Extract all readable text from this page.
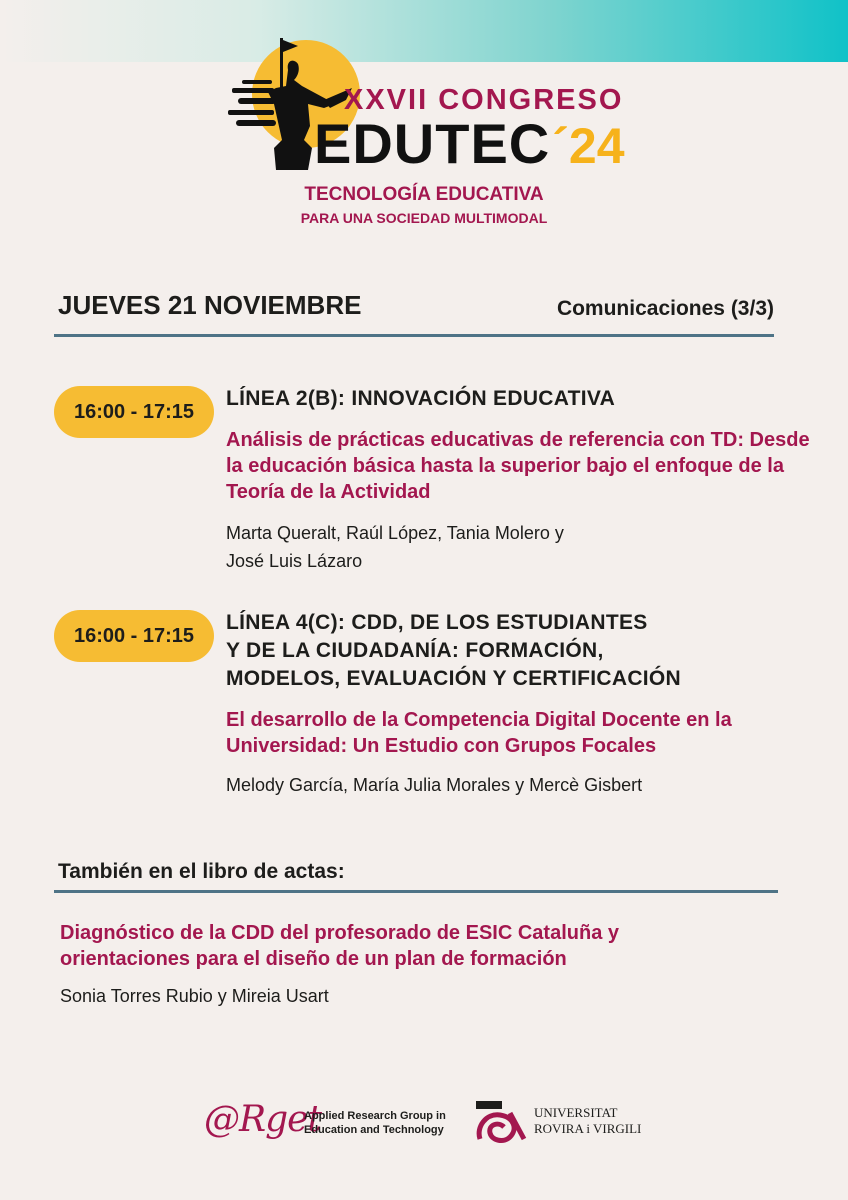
XXVII CONGRESO
EDUTEC´24
TECNOLOGÍA EDUCATIVA
PARA UNA SOCIEDAD MULTIMODAL
JUEVES 21 NOVIEMBRE	Comunicaciones (3/3)
16:00 - 17:15
LÍNEA 2(B): INNOVACIÓN EDUCATIVA
Análisis de prácticas educativas de referencia con TD: Desde la educación básica hasta la superior bajo el enfoque de la Teoría de la Actividad
Marta Queralt, Raúl López, Tania Molero y
José Luis Lázaro
16:00 - 17:15
LÍNEA 4(C): CDD, DE LOS ESTUDIANTES
Y DE LA CIUDADANÍA: FORMACIÓN,
MODELOS, EVALUACIÓN Y CERTIFICACIÓN
El desarrollo de la Competencia Digital Docente en la Universidad: Un Estudio con Grupos Focales
Melody García, María Julia Morales y Mercè Gisbert
También en el libro de actas:
Diagnóstico de la CDD del profesorado de ESIC Cataluña y
orientaciones para el diseño de un plan de formación
Sonia Torres Rubio y Mireia Usart
@Rget
Applied Research Group in
Education and Technology
UNIVERSITAT
ROVIRA i VIRGILI
